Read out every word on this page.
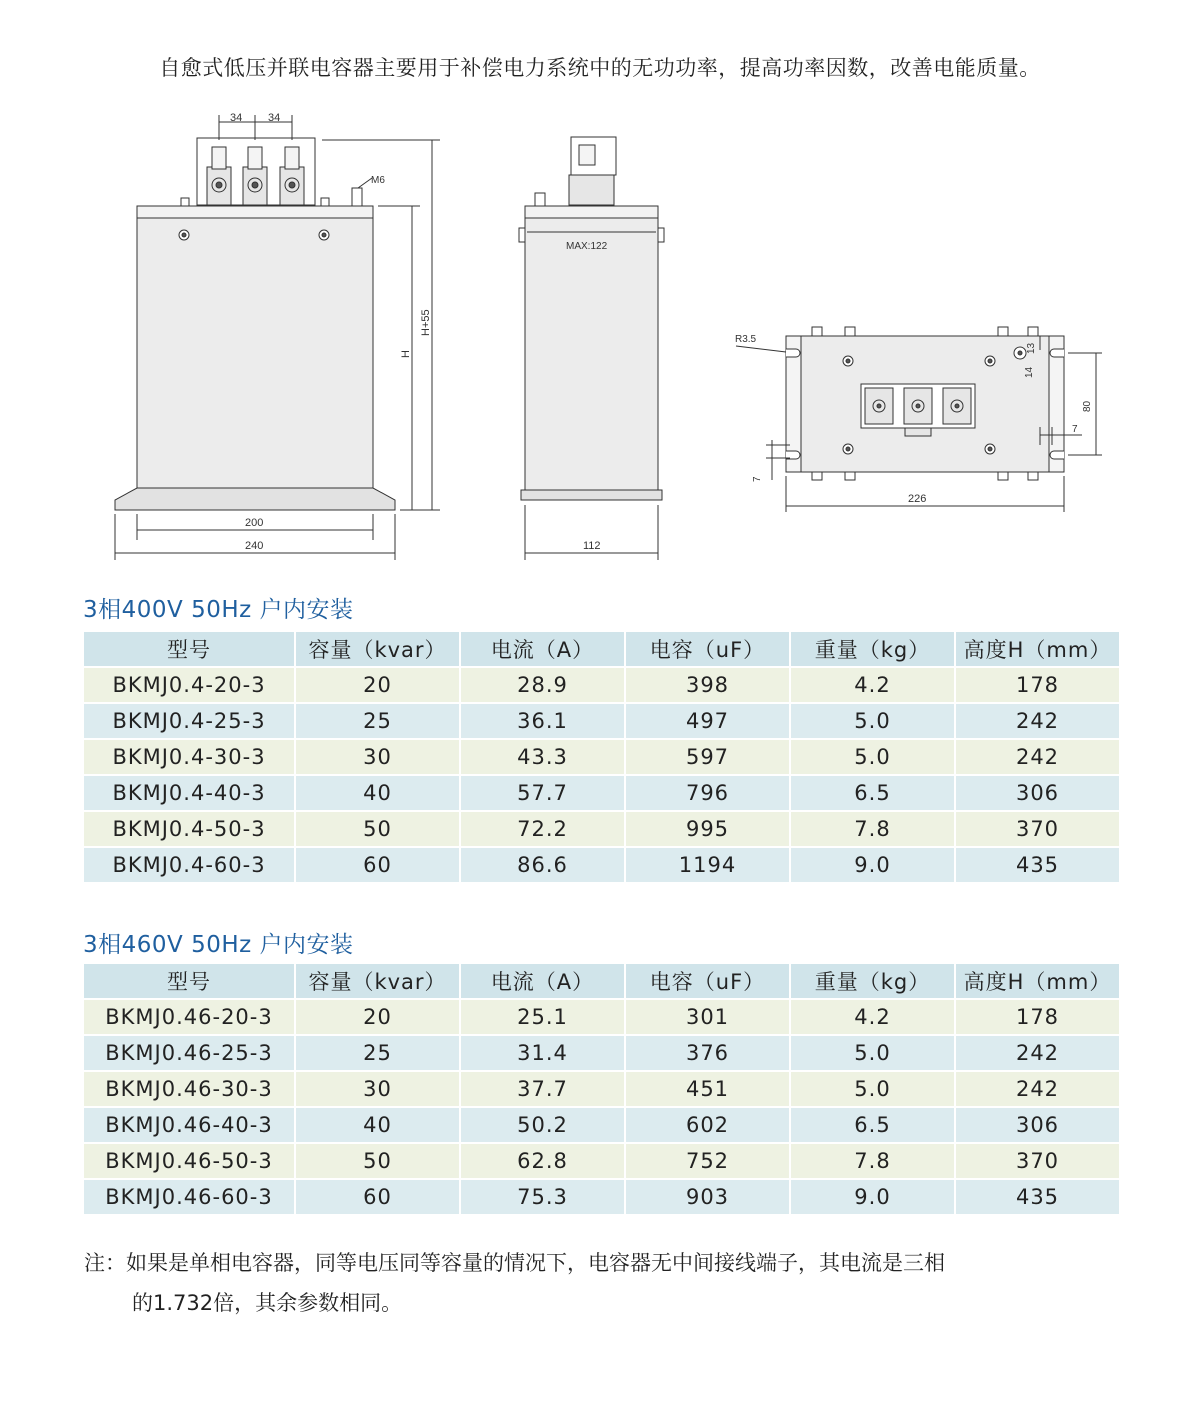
自愈式低压并联电容器主要用于补偿电力系统中的无功功率，提高功率因数，改善电能质量。
34 34
M6
200
240
H
H+55
MAX:122
112
R3.5
13
14
80
7
7
226
3相400V 50Hz 户内安装
型号	容量（kvar）	电流（A）	电容（uF）	重量（kg）	高度H（mm）
BKMJ0.4-20-3	20	28.9	398	4.2	178
BKMJ0.4-25-3	25	36.1	497	5.0	242
BKMJ0.4-30-3	30	43.3	597	5.0	242
BKMJ0.4-40-3	40	57.7	796	6.5	306
BKMJ0.4-50-3	50	72.2	995	7.8	370
BKMJ0.4-60-3	60	86.6	1194	9.0	435
3相460V 50Hz 户内安装
型号	容量（kvar）	电流（A）	电容（uF）	重量（kg）	高度H（mm）
BKMJ0.46-20-3	20	25.1	301	4.2	178
BKMJ0.46-25-3	25	31.4	376	5.0	242
BKMJ0.46-30-3	30	37.7	451	5.0	242
BKMJ0.46-40-3	40	50.2	602	6.5	306
BKMJ0.46-50-3	50	62.8	752	7.8	370
BKMJ0.46-60-3	60	75.3	903	9.0	435
注：如果是单相电容器，同等电压同等容量的情况下，电容器无中间接线端子，其电流是三相
的1.732倍，其余参数相同。
